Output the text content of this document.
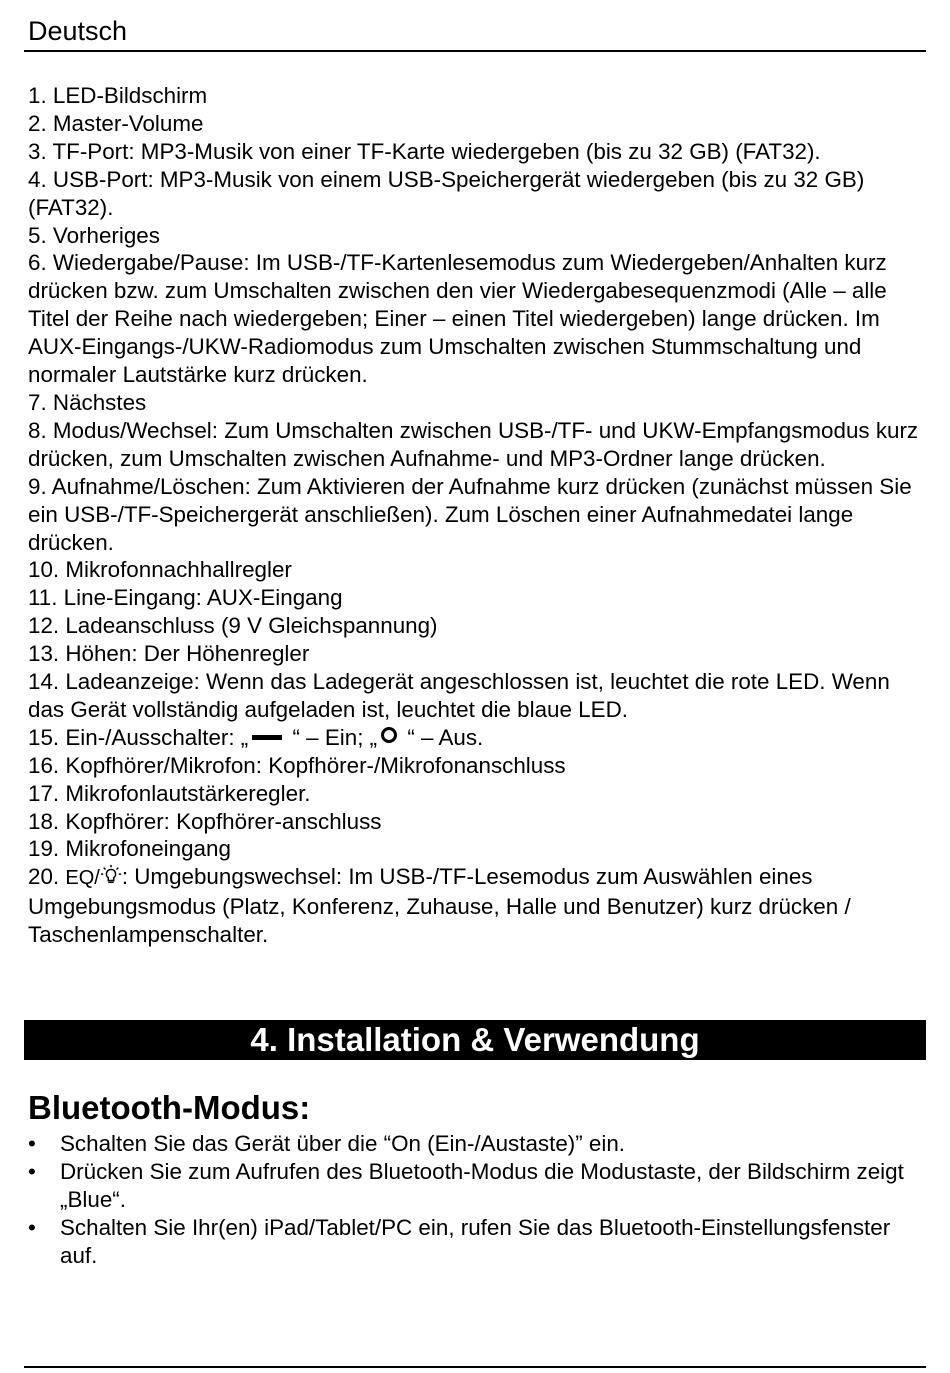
Deutsch

1. LED-Bildschirm

2. Master-Volume

3. TF-Port: MP3-Musik von einer TF-Karte wiedergeben (bis zu 32 GB) (FAT32).

4. USB-Port: MP3-Musik von einem USB-Speichergerät wiedergeben (bis zu 32 GB) (FAT32).

5. Vorheriges

6. Wiedergabe/Pause: Im USB-/TF-Kartenlesemodus zum Wiedergeben/Anhalten kurz drücken bzw. zum Umschalten zwischen den vier Wiedergabesequenzmodi (Alle – alle Titel der Reihe nach wiedergeben; Einer – einen Titel wiedergeben) lange drücken. Im AUX-Eingangs-/UKW-Radiomodus zum Umschalten zwischen Stummschaltung und normaler Lautstärke kurz drücken.

7. Nächstes

8. Modus/Wechsel: Zum Umschalten zwischen USB-/TF- und UKW-Empfangsmodus kurz drücken, zum Umschalten zwischen Aufnahme- und MP3-Ordner lange drücken.

9. Aufnahme/Löschen: Zum Aktivieren der Aufnahme kurz drücken (zunächst müssen Sie ein USB-/TF-Speichergerät anschließen). Zum Löschen einer Aufnahmedatei lange drücken.

10. Mikrofonnachhallregler

11. Line-Eingang: AUX-Eingang

12. Ladeanschluss (9 V Gleichspannung)

13. Höhen: Der Höhenregler

14. Ladeanzeige: Wenn das Ladegerät angeschlossen ist, leuchtet die rote LED. Wenn das Gerät vollständig aufgeladen ist, leuchtet die blaue LED.

15. Ein-/Ausschalter: „ “ – Ein; „ “ – Aus.

16. Kopfhörer/Mikrofon: Kopfhörer-/Mikrofonanschluss

17. Mikrofonlautstärkeregler.

18. Kopfhörer: Kopfhörer-anschluss

19. Mikrofoneingang

20. EQ/ : Umgebungswechsel: Im USB-/TF-Lesemodus zum Auswählen eines Umgebungsmodus (Platz, Konferenz, Zuhause, Halle und Benutzer) kurz drücken / Taschenlampenschalter.

4. Installation & Verwendung
Bluetooth-Modus:
• Schalten Sie das Gerät über die “On (Ein-/Austaste)” ein.
• Drücken Sie zum Aufrufen des Bluetooth-Modus die Modustaste, der Bildschirm zeigt „Blue“.
• Schalten Sie Ihr(en) iPad/Tablet/PC ein, rufen Sie das Bluetooth-Einstellungsfenster auf.
